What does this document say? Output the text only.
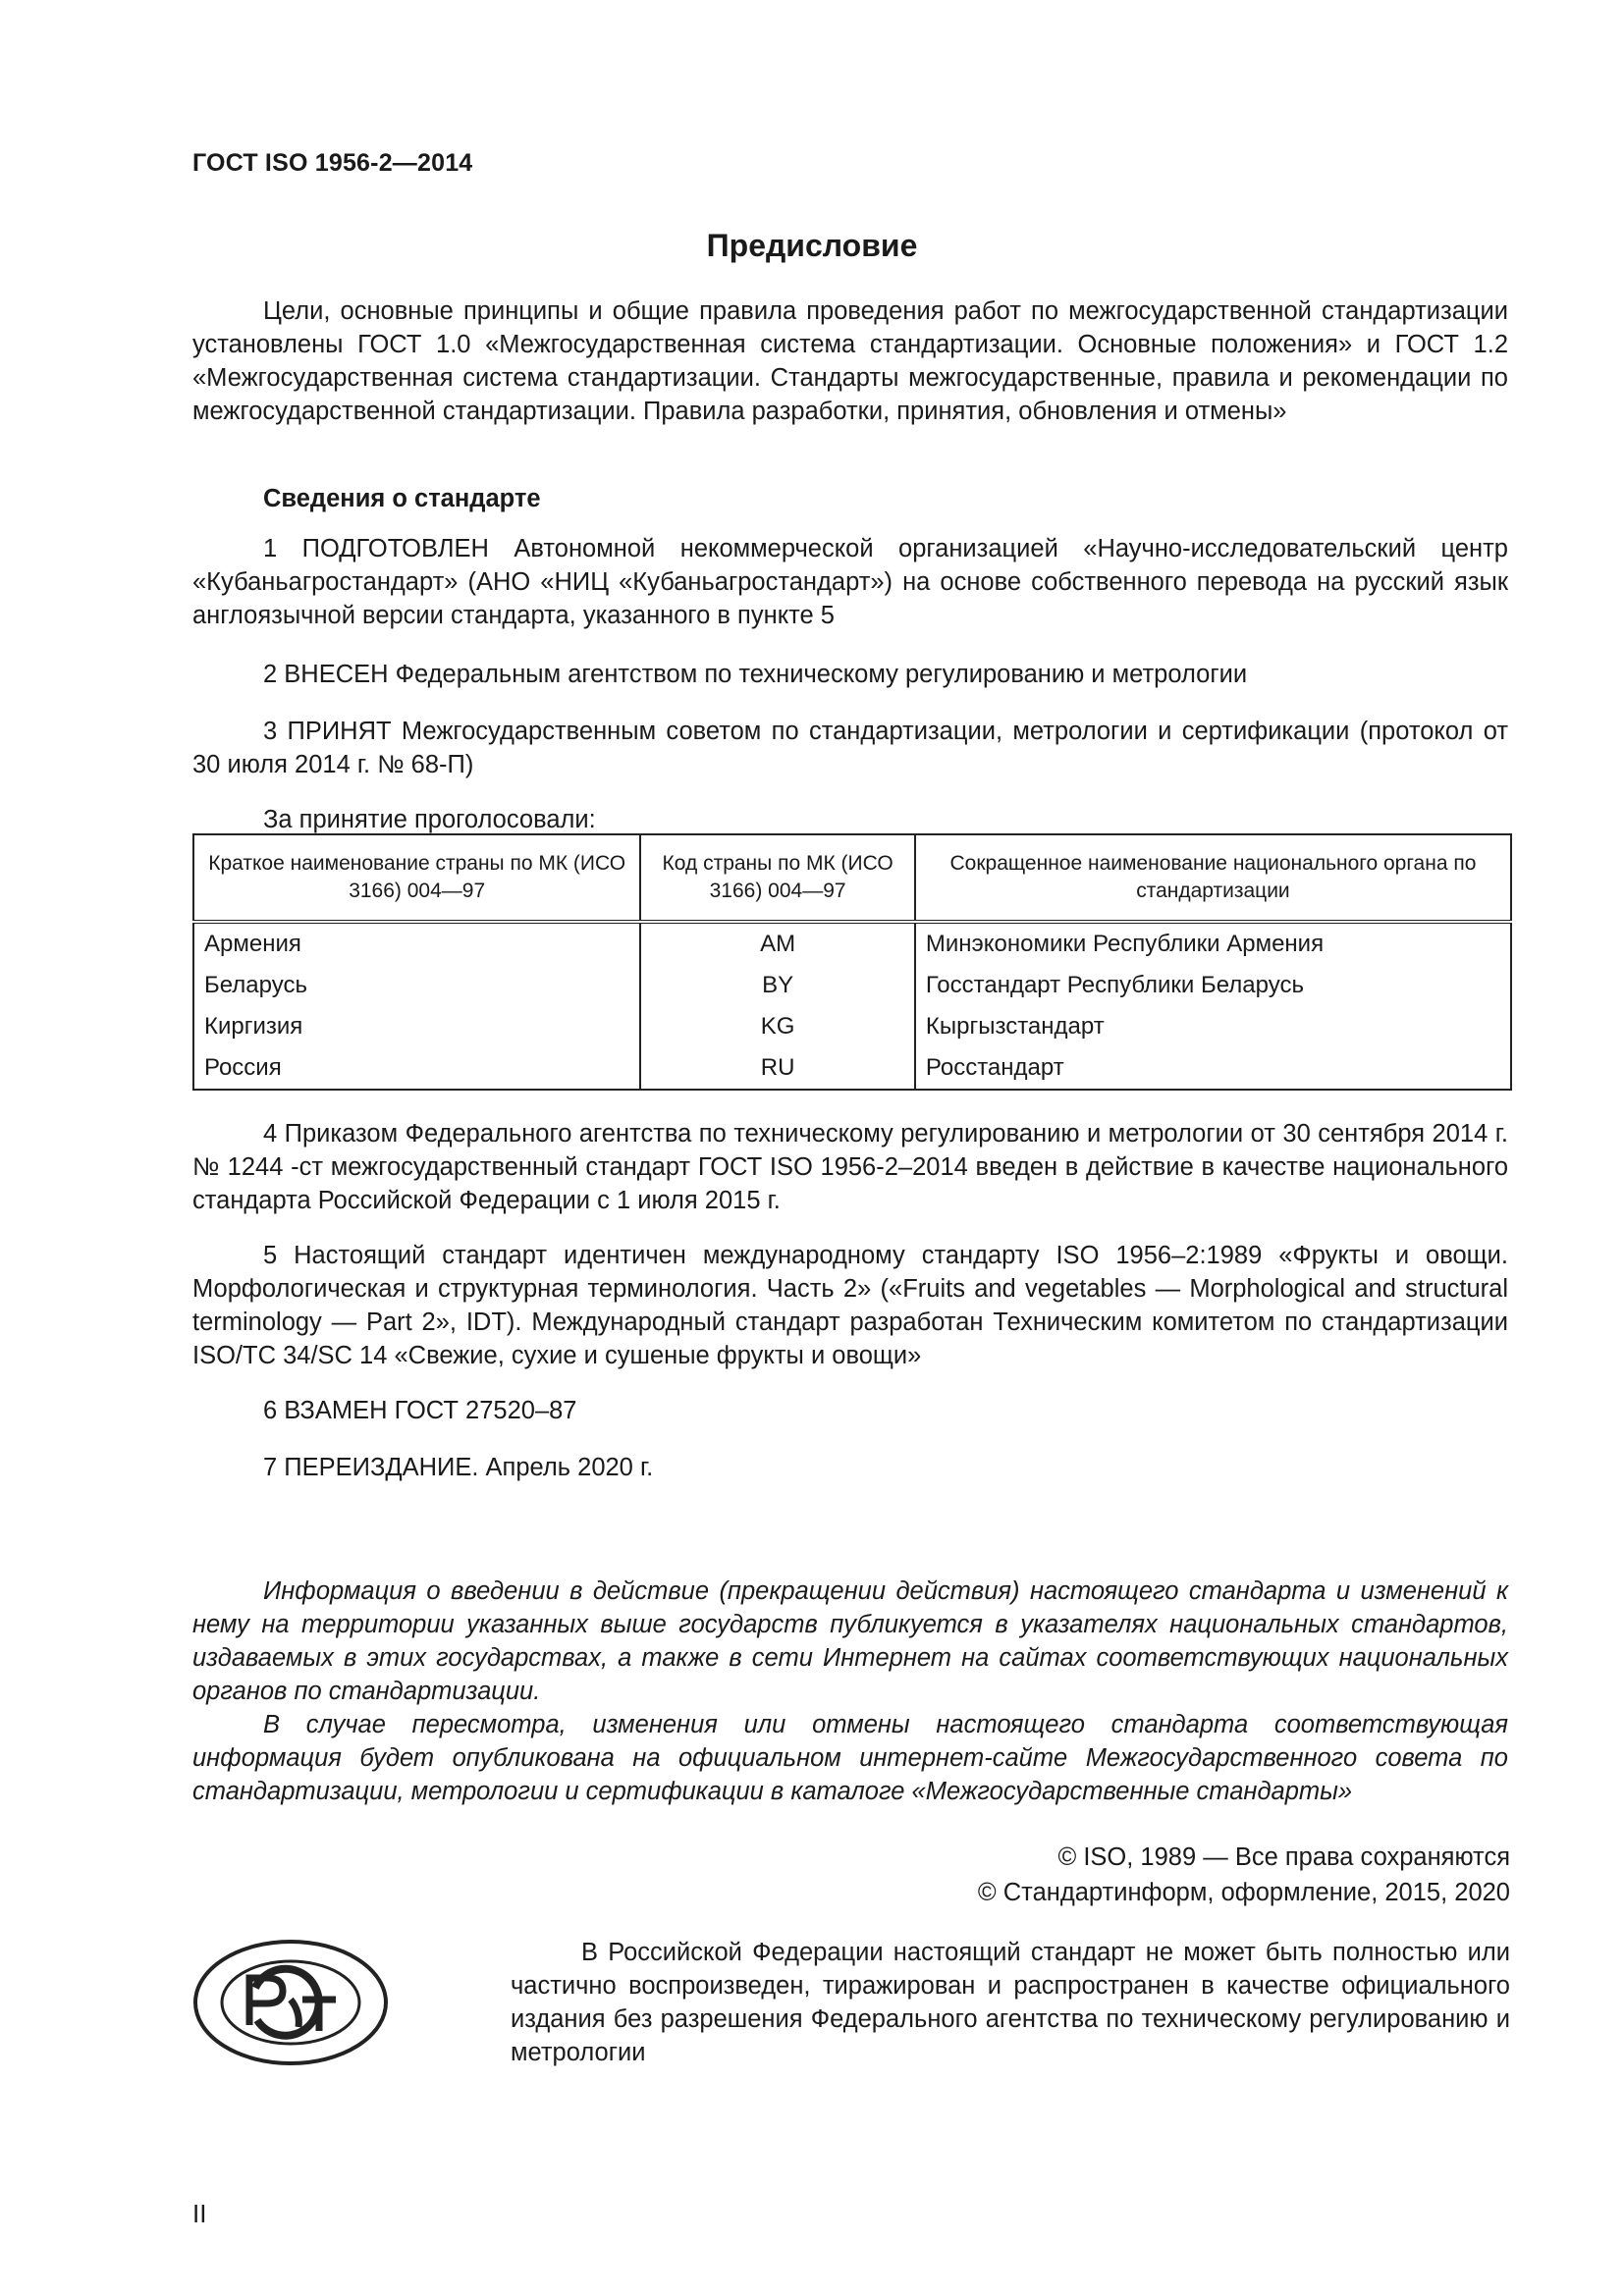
ГОСТ ISO 1956-2—2014
Предисловие
Цели, основные принципы и общие правила проведения работ по межгосударственной стандартизации установлены ГОСТ 1.0 «Межгосударственная система стандартизации. Основные положения» и ГОСТ 1.2 «Межгосударственная система стандартизации. Стандарты межгосударственные, правила и рекомендации по межгосударственной стандартизации. Правила разработки, принятия, обновления и отмены»
Сведения о стандарте
1 ПОДГОТОВЛЕН Автономной некоммерческой организацией «Научно-исследовательский центр «Кубаньагростандарт» (АНО «НИЦ «Кубаньагростандарт») на основе собственного перевода на русский язык англоязычной версии стандарта, указанного в пункте 5
2 ВНЕСЕН Федеральным агентством по техническому регулированию и метрологии
3 ПРИНЯТ Межгосударственным советом по стандартизации, метрологии и сертификации (протокол от 30 июля 2014 г. № 68-П)
За принятие проголосовали:
Краткое наименование страны по МК (ИСО 3166) 004—97	Код страны по МК (ИСО 3166) 004—97	Сокращенное наименование национального органа по стандартизации
Армения	AM	Минэкономики Республики Армения
Беларусь	BY	Госстандарт Республики Беларусь
Киргизия	KG	Кыргызстандарт
Россия	RU	Росстандарт
4 Приказом Федерального агентства по техническому регулированию и метрологии от 30 сентября 2014 г. № 1244 -ст межгосударственный стандарт ГОСТ ISO 1956-2–2014 введен в действие в качестве национального стандарта Российской Федерации с 1 июля 2015 г.
5 Настоящий стандарт идентичен международному стандарту ISO 1956–2:1989 «Фрукты и овощи. Морфологическая и структурная терминология. Часть 2» («Fruits and vegetables — Morphological and structural terminology — Part 2», IDT). Международный стандарт разработан Техническим комитетом по стандартизации ISO/TC 34/SC 14 «Свежие, сухие и сушеные фрукты и овощи»
6 ВЗАМЕН ГОСТ 27520–87
7 ПЕРЕИЗДАНИЕ. Апрель 2020 г.
Информация о введении в действие (прекращении действия) настоящего стандарта и изменений к нему на территории указанных выше государств публикуется в указателях национальных стандартов, издаваемых в этих государствах, а также в сети Интернет на сайтах соответствующих национальных органов по стандартизации.
В случае пересмотра, изменения или отмены настоящего стандарта соответствующая информация будет опубликована на официальном интернет-сайте Межгосударственного совета по стандартизации, метрологии и сертификации в каталоге «Межгосударственные стандарты»
© ISO, 1989 — Все права сохраняются
© Стандартинформ, оформление, 2015, 2020
В Российской Федерации настоящий стандарт не может быть полностью или частично воспроизведен, тиражирован и распространен в качестве официального издания без разрешения Федерального агентства по техническому регулированию и метрологии
II
